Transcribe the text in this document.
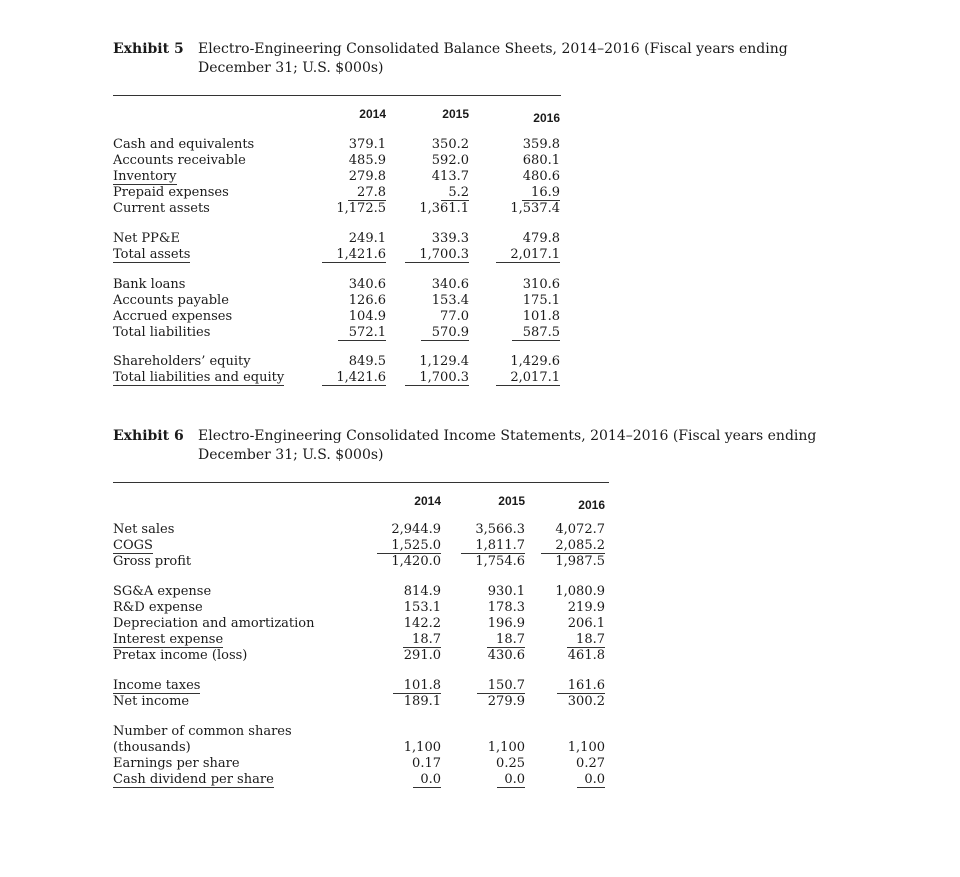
Exhibit 5 Electro-Engineering Consolidated Balance Sheets, 2014–2016 (Fiscal years ending
December 31; U.S. $000s)
2014	2015	2016
Cash and equivalents	379.1	350.2	359.8
Accounts receivable	485.9	592.0	680.1
Inventory	279.8	413.7	480.6
Prepaid expenses	27.8	5.2	16.9
Current assets	1,172.5	1,361.1	1,537.4
Net PP&E	249.1	339.3	479.8
Total assets	1,421.6	1,700.3	2,017.1
Bank loans	340.6	340.6	310.6
Accounts payable	126.6	153.4	175.1
Accrued expenses	104.9	77.0	101.8
Total liabilities	572.1	570.9	587.5
Shareholders’ equity	849.5	1,129.4	1,429.6
Total liabilities and equity	1,421.6	1,700.3	2,017.1
Exhibit 6 Electro-Engineering Consolidated Income Statements, 2014–2016 (Fiscal years ending
December 31; U.S. $000s)
2014	2015	2016
Net sales	2,944.9	3,566.3	4,072.7
COGS	1,525.0	1,811.7	2,085.2
Gross profit	1,420.0	1,754.6	1,987.5
SG&A expense	814.9	930.1	1,080.9
R&D expense	153.1	178.3	219.9
Depreciation and amortization	142.2	196.9	206.1
Interest expense	18.7	18.7	18.7
Pretax income (loss)	291.0	430.6	461.8
Income taxes	101.8	150.7	161.6
Net income	189.1	279.9	300.2
Number of common shares
(thousands)	1,100	1,100	1,100
Earnings per share	0.17	0.25	0.27
Cash dividend per share	0.0	0.0	0.0
